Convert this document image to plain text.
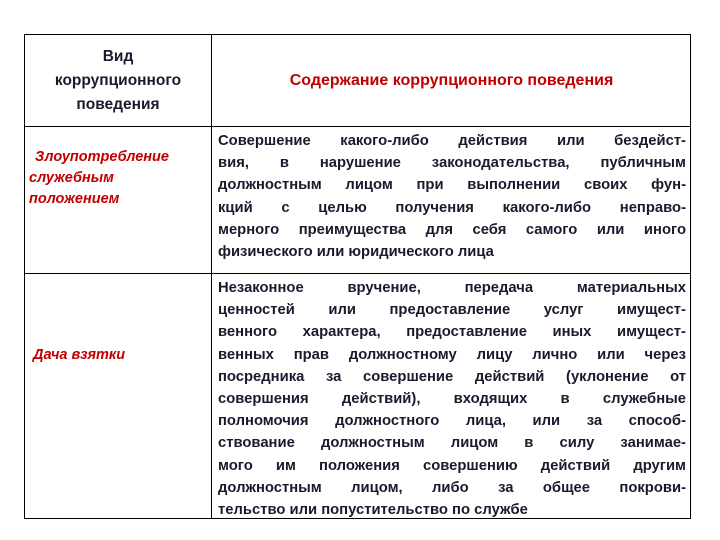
Вид
коррупционного
поведения
Содержание коррупционного поведения
Злоупотребление
служебным
положением
Совершение какого-либо действия или бездейст-
вия, в нарушение законодательства, публичным
должностным лицом при выполнении своих фун-
кций с целью получения какого-либо неправо-
мерного преимущества для себя самого или иного
физического или юридического лица
Дача взятки
Незаконное вручение, передача материальных
ценностей или предоставление услуг имущест-
венного характера, предоставление иных имущест-
венных прав должностному лицу лично или через
посредника за совершение действий (уклонение от
совершения действий), входящих в служебные
полномочия должностного лица, или за способ-
ствование должностным лицом в силу занимае-
мого им положения совершению действий другим
должностным лицом, либо за общее покрови-
тельство или попустительство по службе
